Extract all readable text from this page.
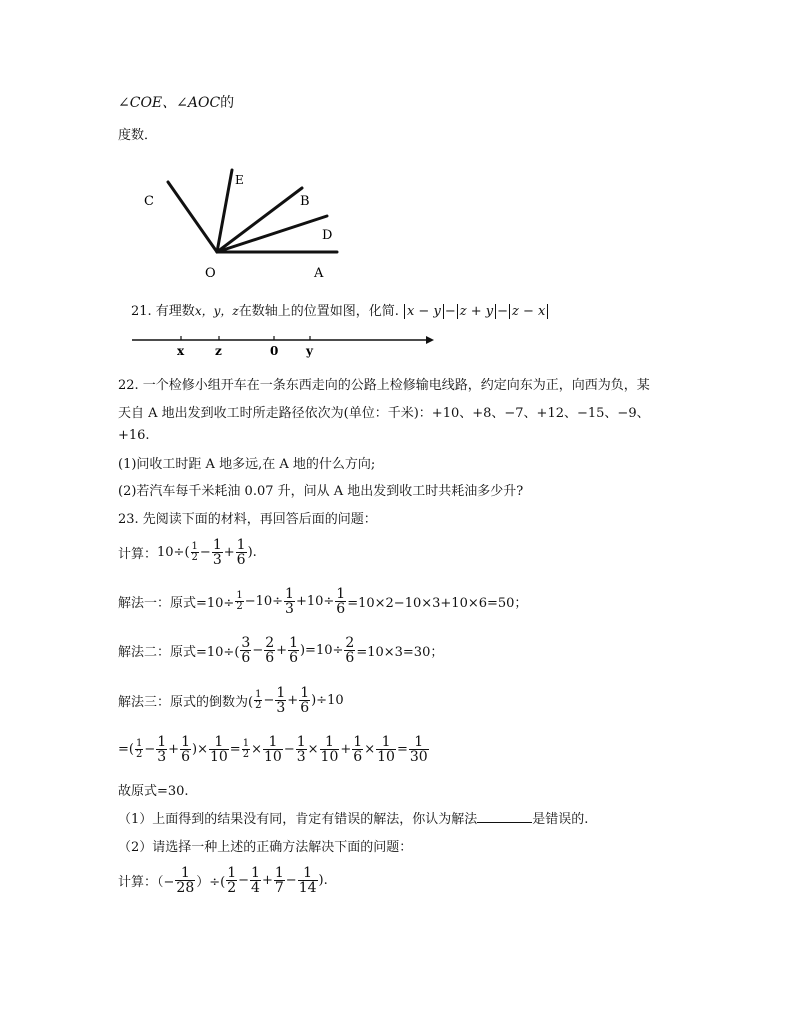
∠COE、∠AOC的
度数．
C
E
B
D
O	A
21. 有理数x，y，z在数轴上的位置如图，化简. x − y − z + y − z − x
x	z	0 y
22. 一个检修小组开车在一条东西走向的公路上检修输电线路，约定向东为正，向西为负，某
天自 A 地出发到收工时所走路径依次为(单位：千米)：+10、+8、−7、+12、−15、−9、
+16.
(1)问收工时距 A 地多远,在 A 地的什么方向;
(2)若汽车每千米耗油 0.07 升，问从 A 地出发到收工时共耗油多少升?
23. 先阅读下面的材料，再回答后面的问题：
计算： $10\div( \frac{1}{2} - \frac{1}{3} + \frac{1}{6}$ ).
解法一：原式$=10\div \frac{1}{2} -10\div \frac{1}{3} +10\div \frac{1}{6} =10\times 2-10\times 3+10\times 6=50$；
解法二：原式$=10\div( \frac{3}{6} - \frac{2}{6} + \frac{1}{6} )=10\div \frac{2}{6} =10\times 3=30$；
解法三：原式的倒数为( $\frac{1}{2} - \frac{1}{3} + \frac{1}{6} )\div 10$
=( $\frac{1}{2} - \frac{1}{3} + \frac{1}{6}$ )× $\frac{1}{10} = \frac{1}{2} \times \frac{1}{10} - \frac{1}{3} \times \frac{1}{10} + \frac{1}{6} \times \frac{1}{10} = \frac{1}{30}$
故原式=30.
（1）上面得到的结果没有同，肯定有错误的解法，你认为解法	是错误的.
（2）请选择一种上述的正确方法解决下面的问题：
计算：（− $\frac{1}{28}$ ）÷( $\frac{1}{2} - \frac{1}{4} + \frac{1}{7} - \frac{1}{14}$ ).
